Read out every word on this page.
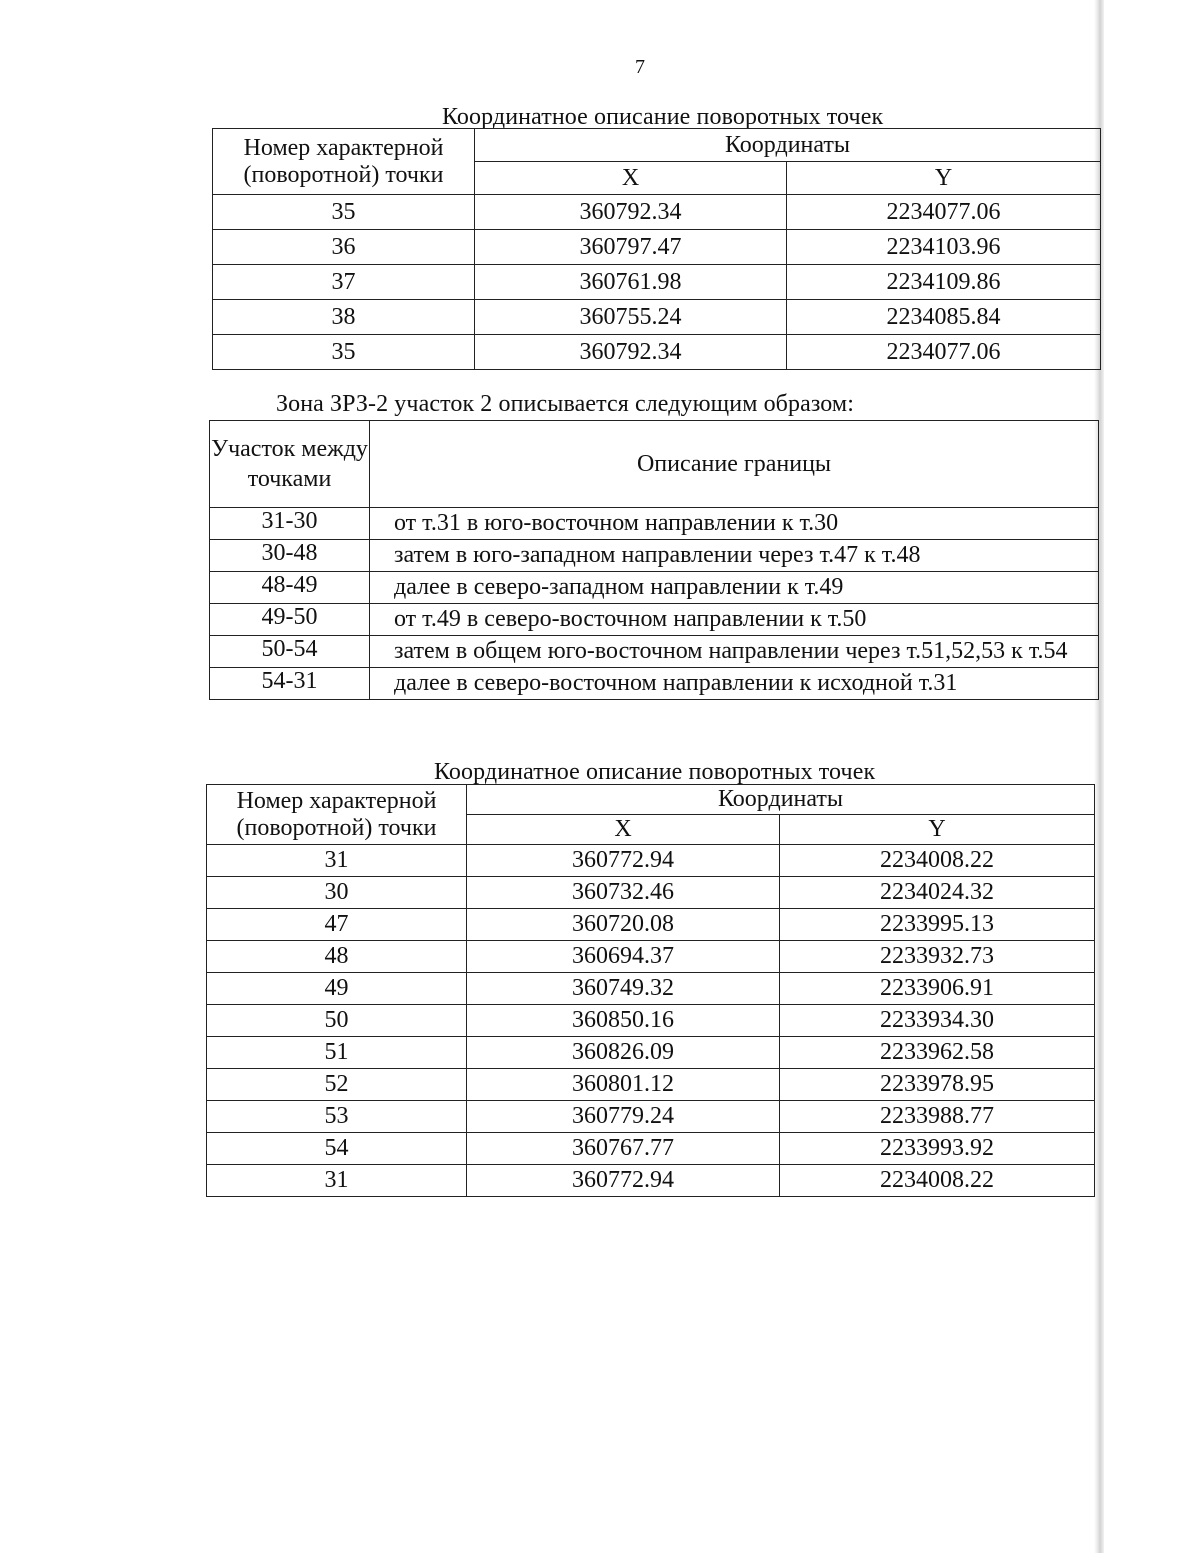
7
Координатное описание поворотных точек
Номер характерной (поворотной) точки	Координаты	
	X	Y
35	360792.34	2234077.06
36	360797.47	2234103.96
37	360761.98	2234109.86
38	360755.24	2234085.84
35	360792.34	2234077.06
Зона ЗРЗ-2 участок 2 описывается следующим образом:
Участок между точками	Описание границы
31-30	от т.31 в юго-восточном направлении к т.30
30-48	затем в юго-западном направлении через т.47 к т.48
48-49	далее в северо-западном направлении к т.49
49-50	от т.49 в северо-восточном направлении к т.50
50-54	затем в общем юго-восточном направлении через т.51,52,53 к т.54
54-31	далее в северо-восточном направлении к исходной т.31
Координатное описание поворотных точек
Номер характерной (поворотной) точки	Координаты	
	X	Y
31	360772.94	2234008.22
30	360732.46	2234024.32
47	360720.08	2233995.13
48	360694.37	2233932.73
49	360749.32	2233906.91
50	360850.16	2233934.30
51	360826.09	2233962.58
52	360801.12	2233978.95
53	360779.24	2233988.77
54	360767.77	2233993.92
31	360772.94	2234008.22
